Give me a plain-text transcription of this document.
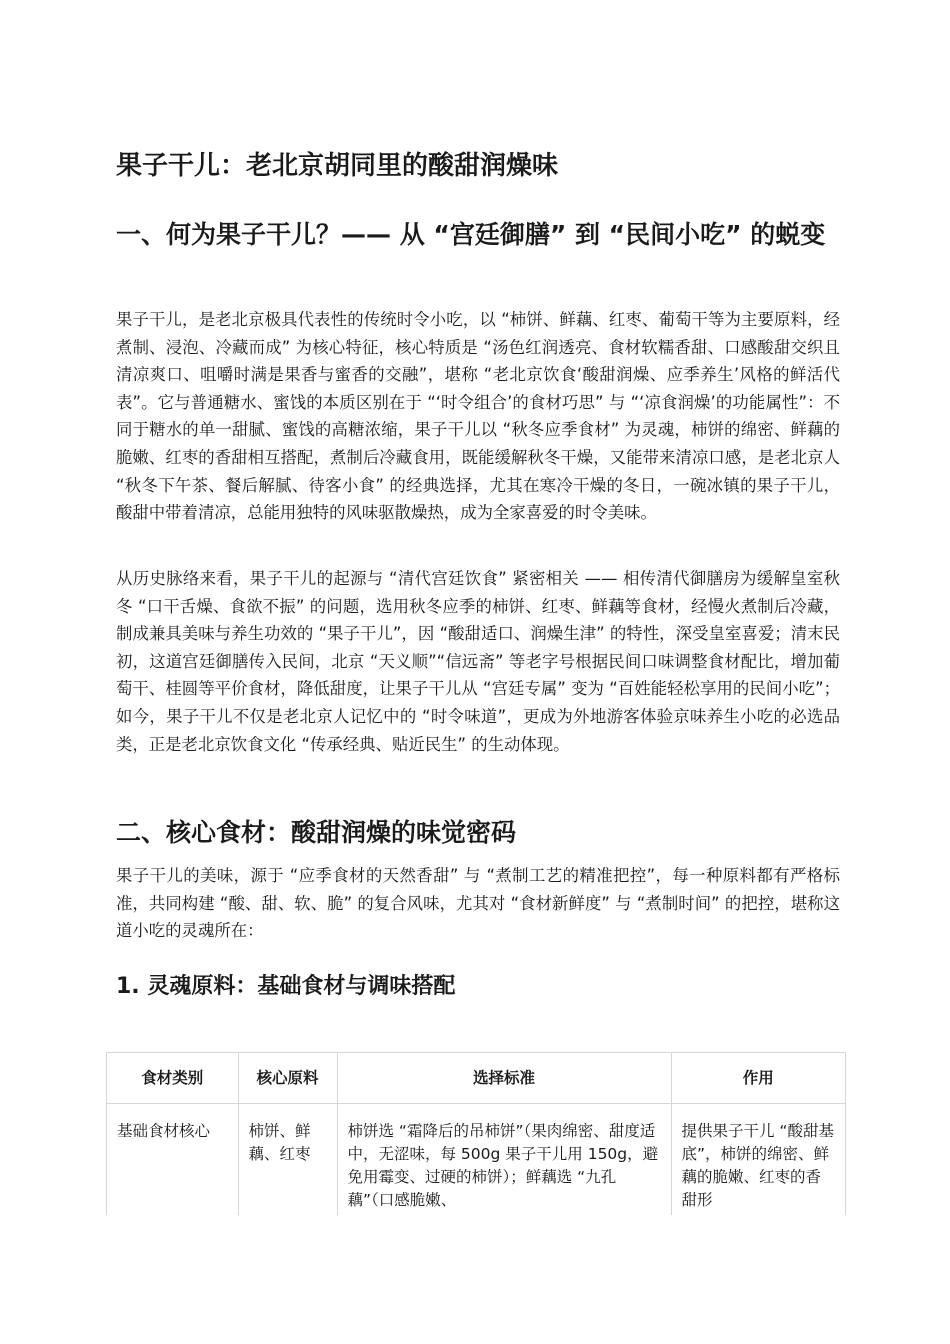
果子干儿：老北京胡同里的酸甜润燥味
一、何为果子干儿？—— 从 “宫廷御膳” 到 “民间小吃” 的蜕变

果子干儿，是老北京极具代表性的传统时令小吃，以 “柿饼、鲜藕、红枣、葡萄干等为主要原料，经煮制、浸泡、冷藏而成” 为核心特征，核心特质是 “汤色红润透亮、食材软糯香甜、口感酸甜交织且清凉爽口、咀嚼时满是果香与蜜香的交融”，堪称 “老北京饮食‘酸甜润燥、应季养生’风格的鲜活代表”。它与普通糖水、蜜饯的本质区别在于 “‘时令组合’的食材巧思” 与 “‘凉食润燥’的功能属性”：不同于糖水的单一甜腻、蜜饯的高糖浓缩，果子干儿以 “秋冬应季食材” 为灵魂，柿饼的绵密、鲜藕的脆嫩、红枣的香甜相互搭配，煮制后冷藏食用，既能缓解秋冬干燥，又能带来清凉口感，是老北京人 “秋冬下午茶、餐后解腻、待客小食” 的经典选择，尤其在寒冷干燥的冬日，一碗冰镇的果子干儿，酸甜中带着清凉，总能用独特的风味驱散燥热，成为全家喜爱的时令美味。

从历史脉络来看，果子干儿的起源与 “清代宫廷饮食” 紧密相关 —— 相传清代御膳房为缓解皇室秋冬 “口干舌燥、食欲不振” 的问题，选用秋冬应季的柿饼、红枣、鲜藕等食材，经慢火煮制后冷藏，制成兼具美味与养生功效的 “果子干儿”，因 “酸甜适口、润燥生津” 的特性，深受皇室喜爱；清末民初，这道宫廷御膳传入民间，北京 “天义顺”“信远斋” 等老字号根据民间口味调整食材配比，增加葡萄干、桂圆等平价食材，降低甜度，让果子干儿从 “宫廷专属” 变为 “百姓能轻松享用的民间小吃”；如今，果子干儿不仅是老北京人记忆中的 “时令味道”，更成为外地游客体验京味养生小吃的必选品类，正是老北京饮食文化 “传承经典、贴近民生” 的生动体现。

二、核心食材：酸甜润燥的味觉密码

果子干儿的美味，源于 “应季食材的天然香甜” 与 “煮制工艺的精准把控”，每一种原料都有严格标准，共同构建 “酸、甜、软、脆” 的复合风味，尤其对 “食材新鲜度” 与 “煮制时间” 的把控，堪称这道小吃的灵魂所在：

1. 灵魂原料：基础食材与调味搭配
食材类别	核心原料	选择标准	作用
基础食材核心	柿饼、鲜藕、红枣	柿饼选 “霜降后的吊柿饼”（果肉绵密、甜度适中，无涩味，每 500g 果子干儿用 150g，避免用霉变、过硬的柿饼）；鲜藕选 “九孔藕”（口感脆嫩、	提供果子干儿 “酸甜基底”，柿饼的绵密、鲜藕的脆嫩、红枣的香甜形
